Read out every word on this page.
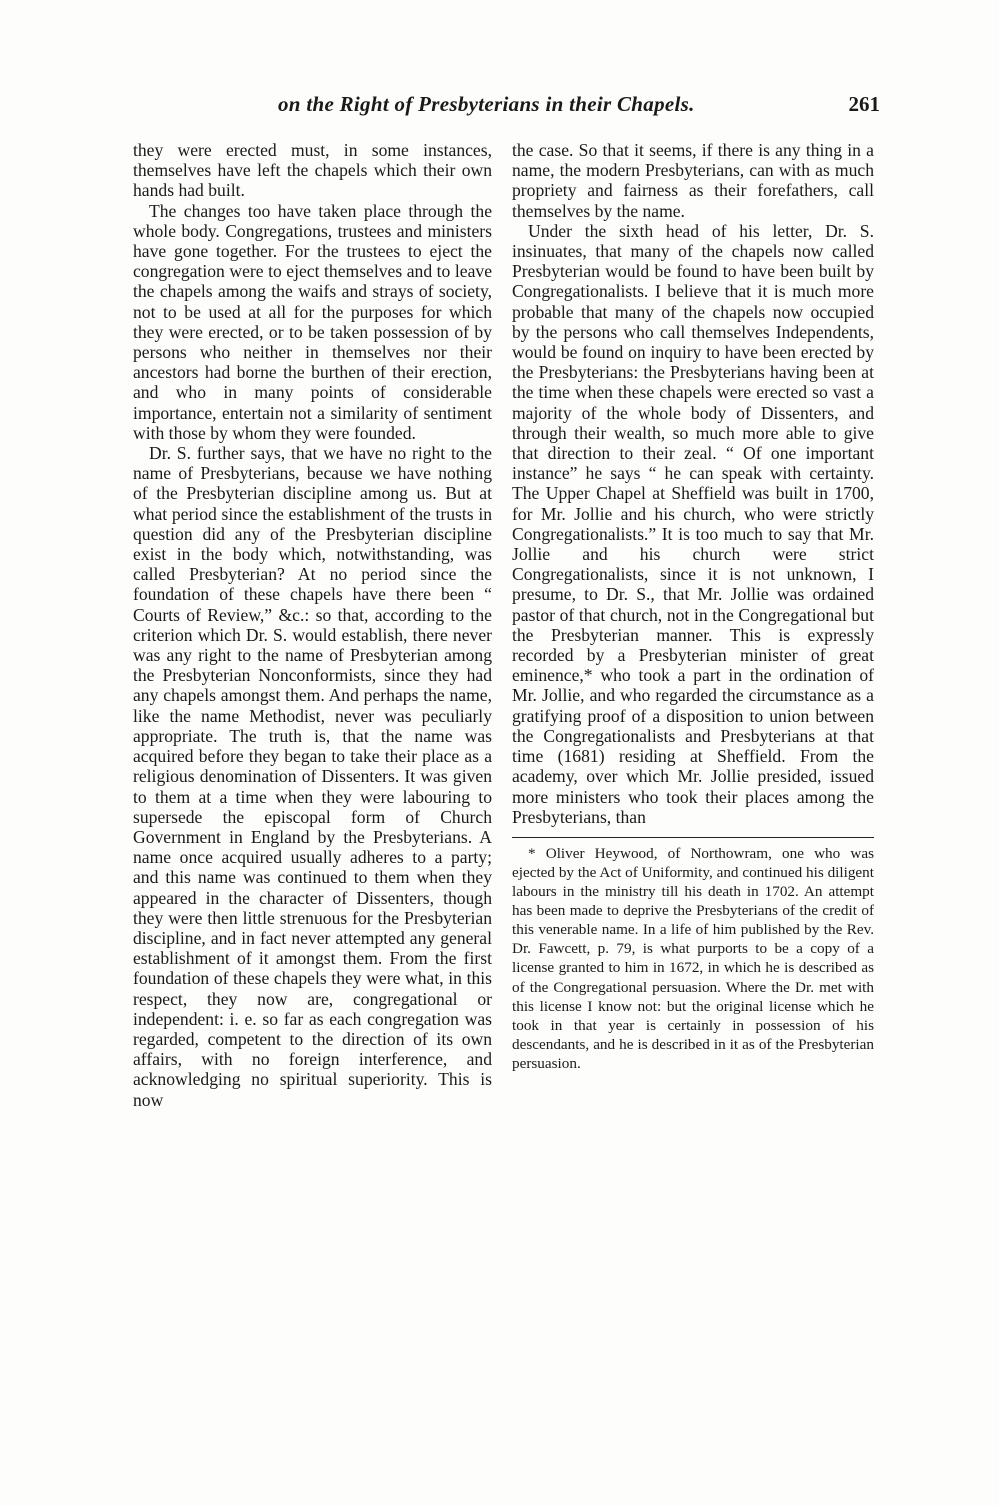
on the Right of Presbyterians in their Chapels.	261

they were erected must, in some instances, themselves have left the chapels which their own hands had built.

The changes too have taken place through the whole body. Congregations, trustees and ministers have gone together. For the trustees to eject the congregation were to eject themselves and to leave the chapels among the waifs and strays of society, not to be used at all for the purposes for which they were erected, or to be taken possession of by persons who neither in themselves nor their ancestors had borne the burthen of their erection, and who in many points of considerable importance, entertain not a similarity of sentiment with those by whom they were founded.

Dr. S. further says, that we have no right to the name of Presbyterians, because we have nothing of the Presbyterian discipline among us. But at what period since the establishment of the trusts in question did any of the Presbyterian discipline exist in the body which, notwithstanding, was called Presbyterian? At no period since the foundation of these chapels have there been “ Courts of Review,” &c.: so that, according to the criterion which Dr. S. would establish, there never was any right to the name of Presbyterian among the Presbyterian Nonconformists, since they had any chapels amongst them. And perhaps the name, like the name Methodist, never was peculiarly appropriate. The truth is, that the name was acquired before they began to take their place as a religious denomination of Dissenters. It was given to them at a time when they were labouring to supersede the episcopal form of Church Government in England by the Presbyterians. A name once acquired usually adheres to a party; and this name was continued to them when they appeared in the character of Dissenters, though they were then little strenuous for the Presbyterian discipline, and in fact never attempted any general establishment of it amongst them. From the first foundation of these chapels they were what, in this respect, they now are, congregational or independent: i. e. so far as each congregation was regarded, competent to the direction of its own affairs, with no foreign interference, and acknowledging no spiritual superiority. This is now

the case. So that it seems, if there is any thing in a name, the modern Presbyterians, can with as much propriety and fairness as their forefathers, call themselves by the name.

Under the sixth head of his letter, Dr. S. insinuates, that many of the chapels now called Presbyterian would be found to have been built by Congregationalists. I believe that it is much more probable that many of the chapels now occupied by the persons who call themselves Independents, would be found on inquiry to have been erected by the Presbyterians: the Presbyterians having been at the time when these chapels were erected so vast a majority of the whole body of Dissenters, and through their wealth, so much more able to give that direction to their zeal. “ Of one important instance” he says “ he can speak with certainty. The Upper Chapel at Sheffield was built in 1700, for Mr. Jollie and his church, who were strictly Congregationalists.” It is too much to say that Mr. Jollie and his church were strict Congregationalists, since it is not unknown, I presume, to Dr. S., that Mr. Jollie was ordained pastor of that church, not in the Congregational but the Presbyterian manner. This is expressly recorded by a Presbyterian minister of great eminence,* who took a part in the ordination of Mr. Jollie, and who regarded the circumstance as a gratifying proof of a disposition to union between the Congregationalists and Presbyterians at that time (1681) residing at Sheffield. From the academy, over which Mr. Jollie presided, issued more ministers who took their places among the Presbyterians, than

* Oliver Heywood, of Northowram, one who was ejected by the Act of Uniformity, and continued his diligent labours in the ministry till his death in 1702. An attempt has been made to deprive the Presbyterians of the credit of this venerable name. In a life of him published by the Rev. Dr. Fawcett, p. 79, is what purports to be a copy of a license granted to him in 1672, in which he is described as of the Congregational persuasion. Where the Dr. met with this license I know not: but the original license which he took in that year is certainly in possession of his descendants, and he is described in it as of the Presbyterian persuasion.
